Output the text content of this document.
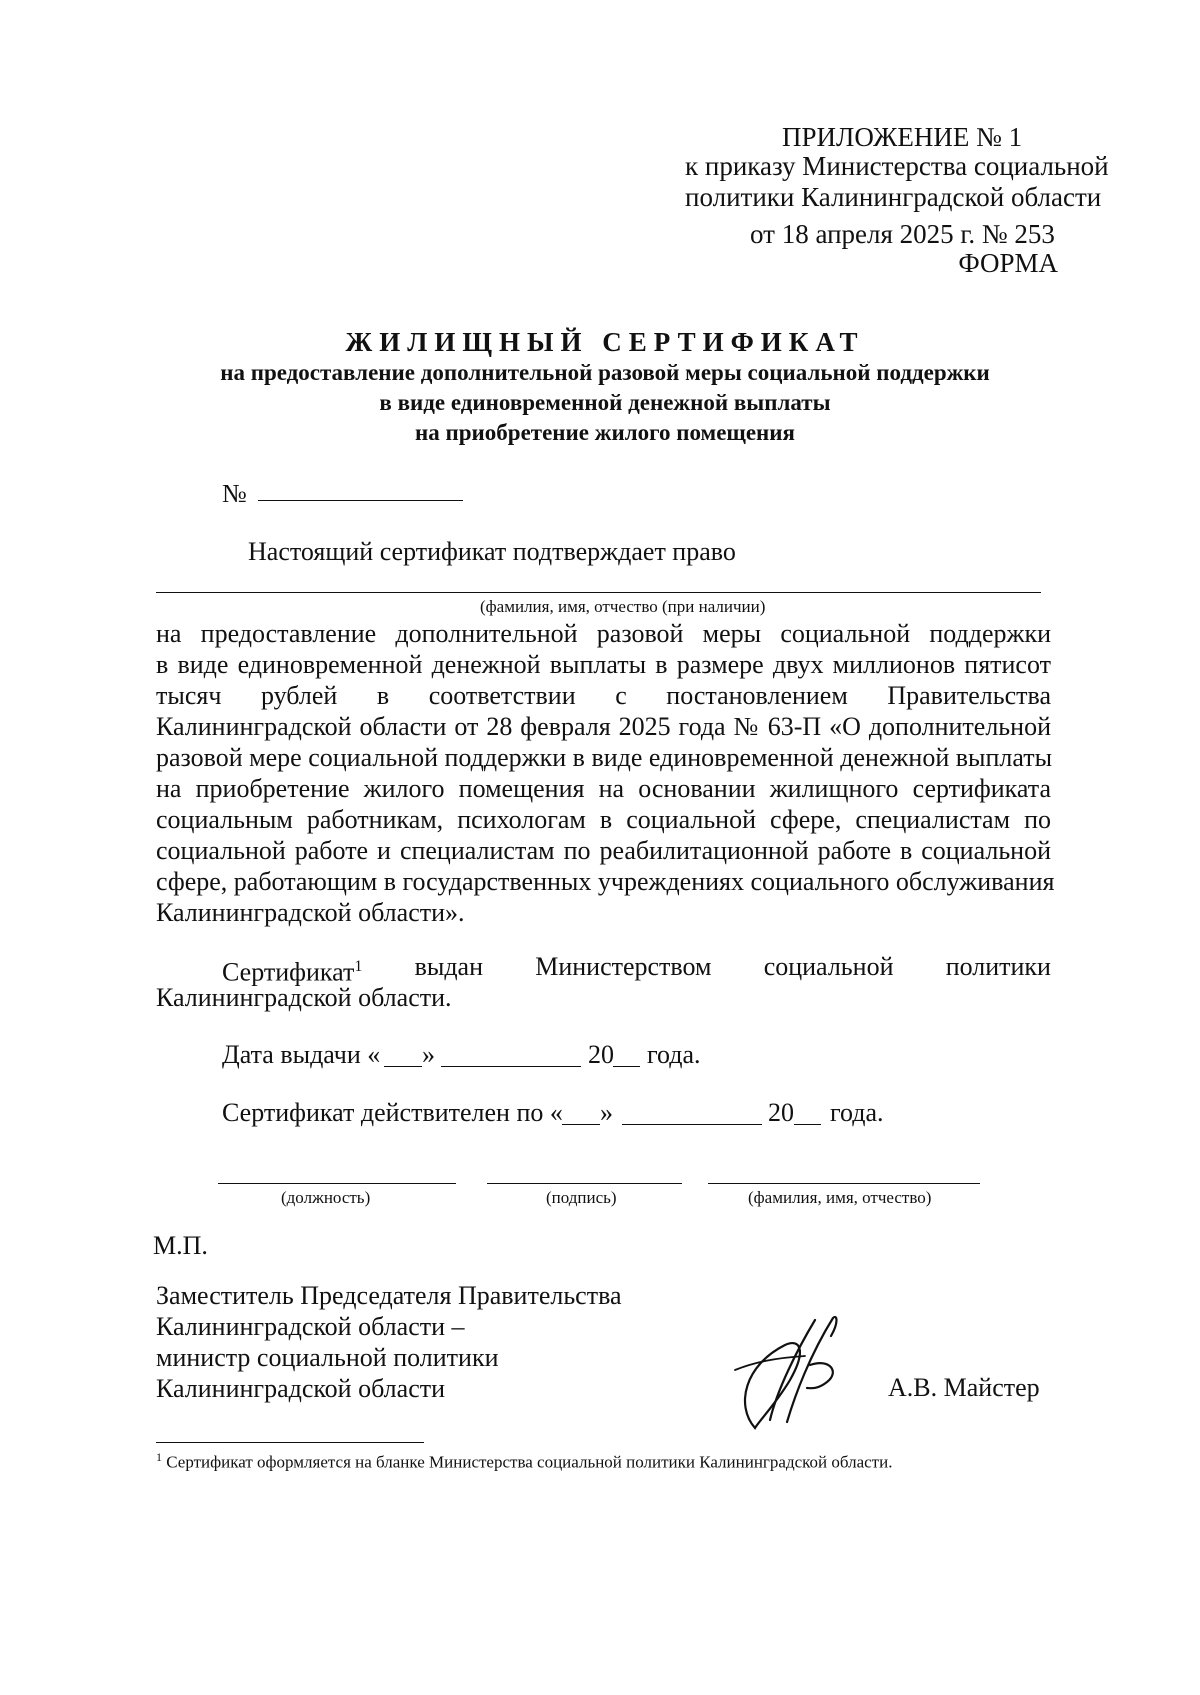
ПРИЛОЖЕНИЕ № 1
к приказу Министерства социальной
политики Калининградской области
от 18 апреля 2025 г. № 253
ФОРМА
ЖИЛИЩНЫЙ СЕРТИФИКАТ
на предоставление дополнительной разовой меры социальной поддержки
в виде единовременной денежной выплаты
на приобретение жилого помещения
№
Настоящий сертификат подтверждает право
(фамилия, имя, отчество (при наличии)
на предоставление дополнительной разовой меры социальной поддержки
в виде единовременной денежной выплаты в размере двух миллионов пятисот
тысяч рублей в соответствии с постановлением Правительства
Калининградской области от 28 февраля 2025 года № 63-П «О дополнительной
разовой мере социальной поддержки в виде единовременной денежной выплаты
на приобретение жилого помещения на основании жилищного сертификата
социальным работникам, психологам в социальной сфере, специалистам по
социальной работе и специалистам по реабилитационной работе в социальной
сфере, работающим в государственных учреждениях социального обслуживания
Калининградской области».
Сертификат$^1$ выдан Министерством социальной политики
Калининградской области.
Дата выдачи « »	20 года.
Сертификат действителен по « »	20 года.
(должность)	(подпись)	(фамилия, имя, отчество)
М.П.
Заместитель Председателя Правительства
Калининградской области –
министр социальной политики
Калининградской области	А.В. Майстер
$^1$ Сертификат оформляется на бланке Министерства социальной политики Калининградской области.
